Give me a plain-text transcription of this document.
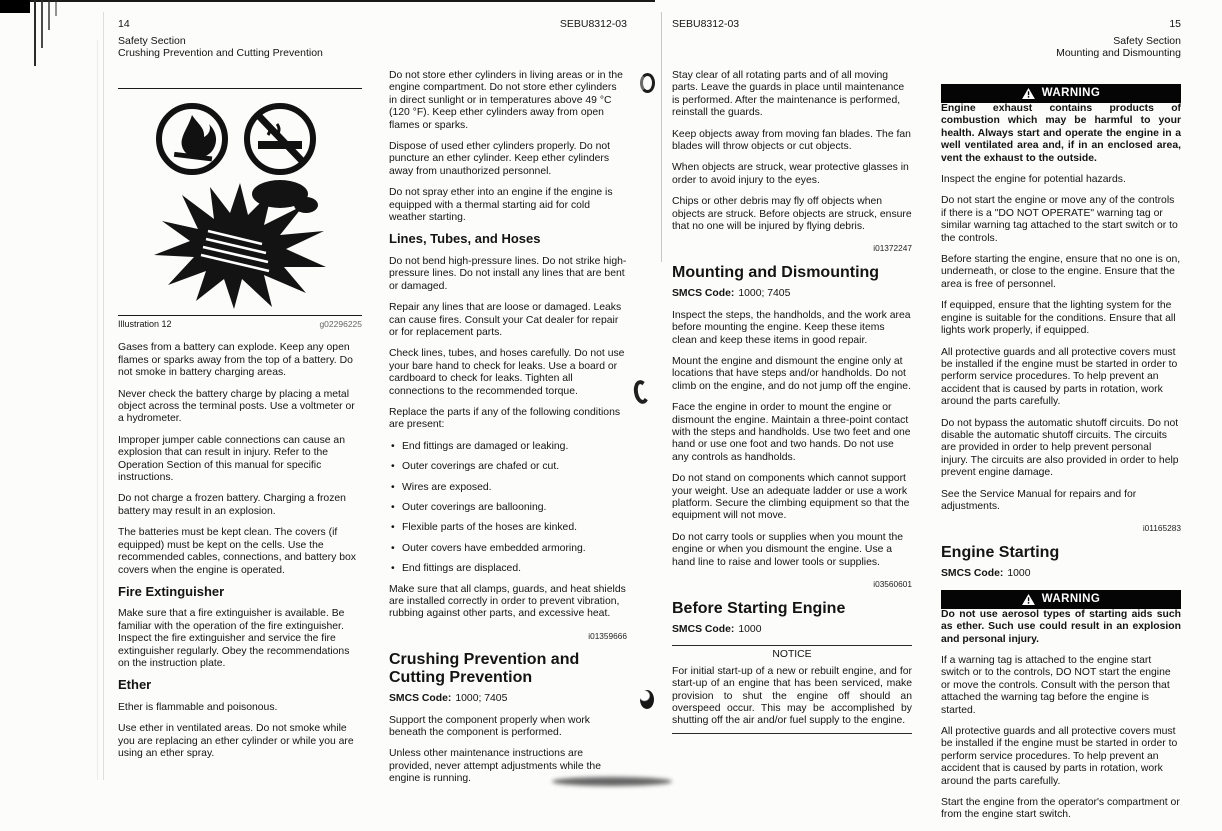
14
Safety Section
Crushing Prevention and Cutting Prevention
SEBU8312-03	SEBU8312-03	15
Safety Section
Mounting and Dismounting
Illustration 12	g02296225

Gases from a battery can explode. Keep any open flames or sparks away from the top of a battery. Do not smoke in battery charging areas.

Never check the battery charge by placing a metal object across the terminal posts. Use a voltmeter or a hydrometer.

Improper jumper cable connections can cause an explosion that can result in injury. Refer to the Operation Section of this manual for specific instructions.

Do not charge a frozen battery. Charging a frozen battery may result in an explosion.

The batteries must be kept clean. The covers (if equipped) must be kept on the cells. Use the recommended cables, connections, and battery box covers when the engine is operated.

Fire Extinguisher

Make sure that a fire extinguisher is available. Be familiar with the operation of the fire extinguisher. Inspect the fire extinguisher and service the fire extinguisher regularly. Obey the recommendations on the instruction plate.

Ether

Ether is flammable and poisonous.

Use ether in ventilated areas. Do not smoke while you are replacing an ether cylinder or while you are using an ether spray.

Do not store ether cylinders in living areas or in the engine compartment. Do not store ether cylinders in direct sunlight or in temperatures above 49 °C (120 °F). Keep ether cylinders away from open flames or sparks.

Dispose of used ether cylinders properly. Do not puncture an ether cylinder. Keep ether cylinders away from unauthorized personnel.

Do not spray ether into an engine if the engine is equipped with a thermal starting aid for cold weather starting.

Lines, Tubes, and Hoses

Do not bend high-pressure lines. Do not strike high-pressure lines. Do not install any lines that are bent or damaged.

Repair any lines that are loose or damaged. Leaks can cause fires. Consult your Cat dealer for repair or for replacement parts.

Check lines, tubes, and hoses carefully. Do not use your bare hand to check for leaks. Use a board or cardboard to check for leaks. Tighten all connections to the recommended torque.

Replace the parts if any of the following conditions are present:

• End fittings are damaged or leaking.
• Outer coverings are chafed or cut.
• Wires are exposed.
• Outer coverings are ballooning.
• Flexible parts of the hoses are kinked.
• Outer covers have embedded armoring.
• End fittings are displaced.

Make sure that all clamps, guards, and heat shields are installed correctly in order to prevent vibration, rubbing against other parts, and excessive heat.

i01359666

Crushing Prevention and Cutting Prevention

SMCS Code: 1000; 7405

Support the component properly when work beneath the component is performed.

Unless other maintenance instructions are provided, never attempt adjustments while the engine is running.

Stay clear of all rotating parts and of all moving parts. Leave the guards in place until maintenance is performed. After the maintenance is performed, reinstall the guards.

Keep objects away from moving fan blades. The fan blades will throw objects or cut objects.

When objects are struck, wear protective glasses in order to avoid injury to the eyes.

Chips or other debris may fly off objects when objects are struck. Before objects are struck, ensure that no one will be injured by flying debris.

i01372247

Mounting and Dismounting

SMCS Code: 1000; 7405

Inspect the steps, the handholds, and the work area before mounting the engine. Keep these items clean and keep these items in good repair.

Mount the engine and dismount the engine only at locations that have steps and/or handholds. Do not climb on the engine, and do not jump off the engine.

Face the engine in order to mount the engine or dismount the engine. Maintain a three-point contact with the steps and handholds. Use two feet and one hand or use one foot and two hands. Do not use any controls as handholds.

Do not stand on components which cannot support your weight. Use an adequate ladder or use a work platform. Secure the climbing equipment so that the equipment will not move.

Do not carry tools or supplies when you mount the engine or when you dismount the engine. Use a hand line to raise and lower tools or supplies.

i03560601

Before Starting Engine

SMCS Code: 1000

NOTICE

For initial start-up of a new or rebuilt engine, and for start-up of an engine that has been serviced, make provision to shut the engine off should an overspeed occur. This may be accomplished by shutting off the air and/or fuel supply to the engine.

WARNING

Engine exhaust contains products of combustion which may be harmful to your health. Always start and operate the engine in a well ventilated area and, if in an enclosed area, vent the exhaust to the outside.

Inspect the engine for potential hazards.

Do not start the engine or move any of the controls if there is a "DO NOT OPERATE" warning tag or similar warning tag attached to the start switch or to the controls.

Before starting the engine, ensure that no one is on, underneath, or close to the engine. Ensure that the area is free of personnel.

If equipped, ensure that the lighting system for the engine is suitable for the conditions. Ensure that all lights work properly, if equipped.

All protective guards and all protective covers must be installed if the engine must be started in order to perform service procedures. To help prevent an accident that is caused by parts in rotation, work around the parts carefully.

Do not bypass the automatic shutoff circuits. Do not disable the automatic shutoff circuits. The circuits are provided in order to help prevent personal injury. The circuits are also provided in order to help prevent engine damage.

See the Service Manual for repairs and for adjustments.

i01165283

Engine Starting

SMCS Code: 1000

WARNING

Do not use aerosol types of starting aids such as ether. Such use could result in an explosion and personal injury.

If a warning tag is attached to the engine start switch or to the controls, DO NOT start the engine or move the controls. Consult with the person that attached the warning tag before the engine is started.

All protective guards and all protective covers must be installed if the engine must be started in order to perform service procedures. To help prevent an accident that is caused by parts in rotation, work around the parts carefully.

Start the engine from the operator's compartment or from the engine start switch.
